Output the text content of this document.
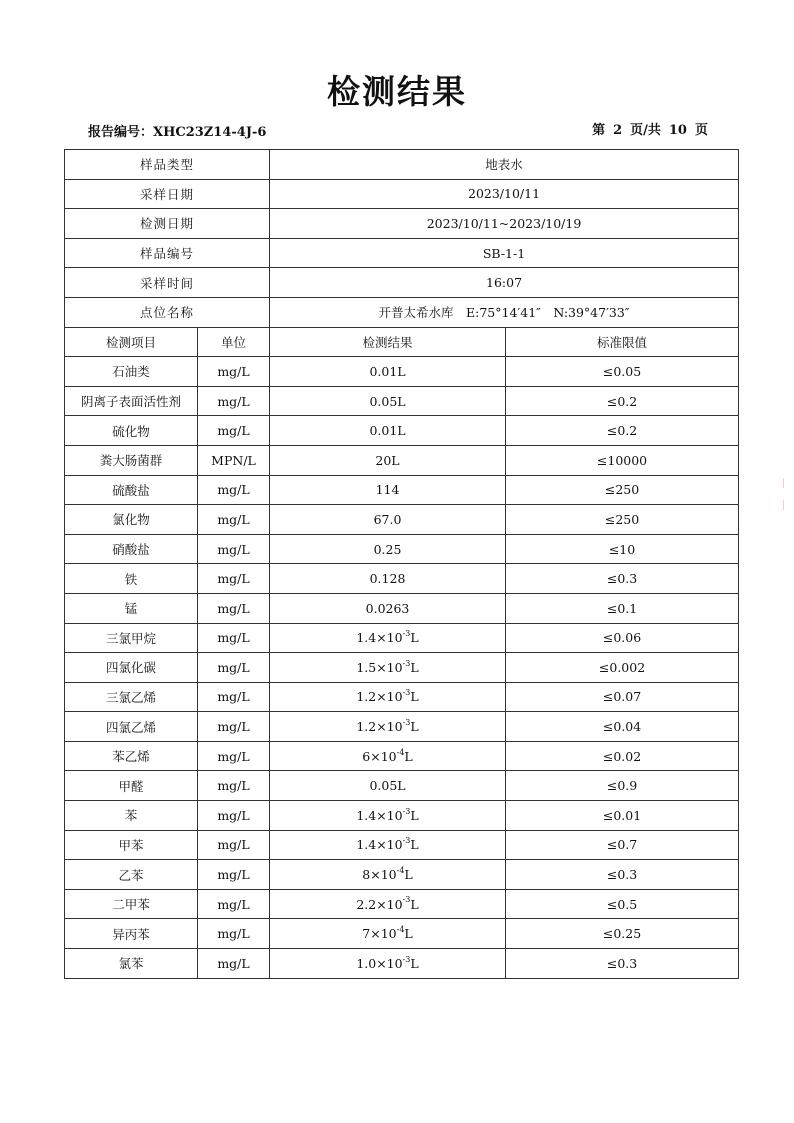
检测结果
报告编号：XHC23Z14-4J-6	第 2 页/共 10 页
样品类型		地表水	
采样日期		2023/10/11	
检测日期		2023/10/11~2023/10/19	
样品编号		SB-1-1	
采样时间		16:07	
点位名称		开普太希水库　E:75°14′41″　N:39°47′33″	
检测项目	单位	检测结果	标准限值
石油类	mg/L	0.01L	≤0.05
阴离子表面活性剂	mg/L	0.05L	≤0.2
硫化物	mg/L	0.01L	≤0.2
粪大肠菌群	MPN/L	20L	≤10000
硫酸盐	mg/L	114	≤250
氯化物	mg/L	67.0	≤250
硝酸盐	mg/L	0.25	≤10
铁	mg/L	0.128	≤0.3
锰	mg/L	0.0263	≤0.1
三氯甲烷	mg/L	$1.4\times 10^{-3}L$	≤0.06
四氯化碳	mg/L	$1.5\times 10^{-3}L$	≤0.002
三氯乙烯	mg/L	$1.2\times 10^{-3}L$	≤0.07
四氯乙烯	mg/L	$1.2\times 10^{-3}L$	≤0.04
苯乙烯	mg/L	$6\times 10^{-4}L$	≤0.02
甲醛	mg/L	0.05L	≤0.9
苯	mg/L	$1.4\times 10^{-3}L$	≤0.01
甲苯	mg/L	$1.4\times 10^{-3}L$	≤0.7
乙苯	mg/L	$8\times 10^{-4}L$	≤0.3
二甲苯	mg/L	$2.2\times 10^{-3}L$	≤0.5
异丙苯	mg/L	$7\times 10^{-4}L$	≤0.25
氯苯	mg/L	$1.0\times 10^{-3}L$	≤0.3
